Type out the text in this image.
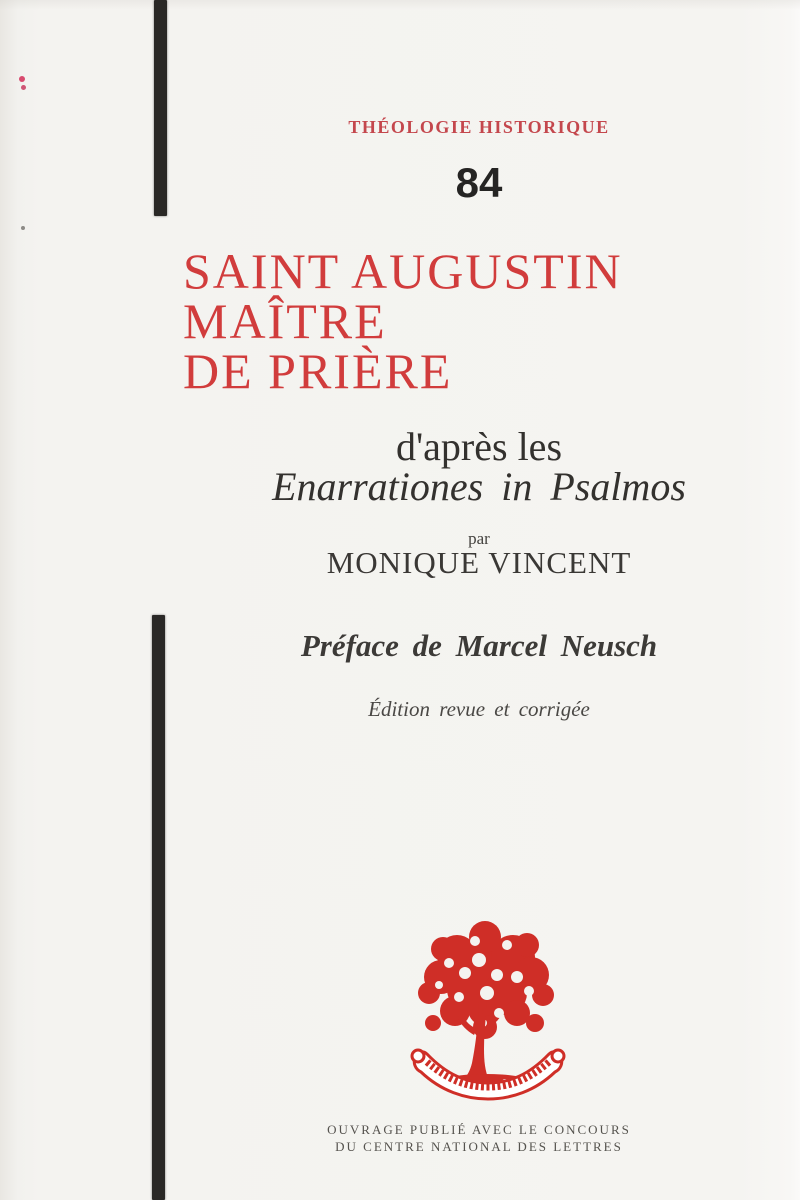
THÉOLOGIE HISTORIQUE
84
SAINT AUGUSTIN
MAÎTRE
DE PRIÈRE
d'après les
Enarrationes in Psalmos
par
MONIQUE VINCENT
Préface de Marcel Neusch
Édition revue et corrigée
OUVRAGE PUBLIÉ AVEC LE CONCOURS
DU CENTRE NATIONAL DES LETTRES
